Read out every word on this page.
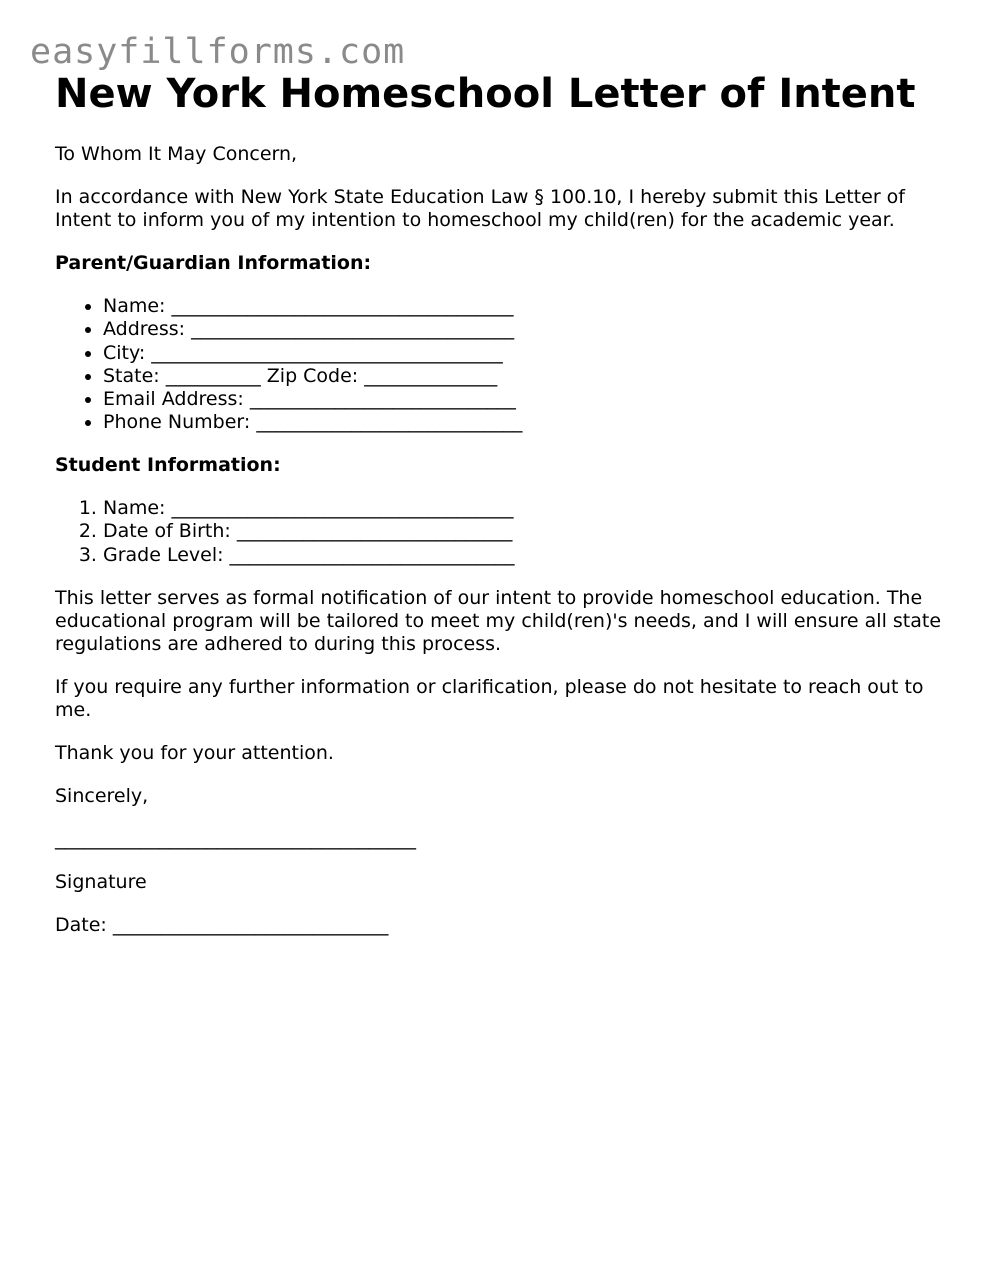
easyfillforms.com
New York Homeschool Letter of Intent

To Whom It May Concern,

In accordance with New York State Education Law § 100.10, I hereby submit this Letter of Intent to inform you of my intention to homeschool my child(ren) for the academic year.

Parent/Guardian Information:

• Name: ____________________________________
• Address: __________________________________
• City: _____________________________________
• State: __________ Zip Code: ______________
• Email Address: ____________________________
• Phone Number: ____________________________

Student Information:

1. Name: ____________________________________
2. Date of Birth: _____________________________
3. Grade Level: ______________________________

This letter serves as formal notification of our intent to provide homeschool education. The educational program will be tailored to meet my child(ren)'s needs, and I will ensure all state regulations are adhered to during this process.

If you require any further information or clarification, please do not hesitate to reach out to me.

Thank you for your attention.

Sincerely,

______________________________________

Signature

Date: _____________________________
